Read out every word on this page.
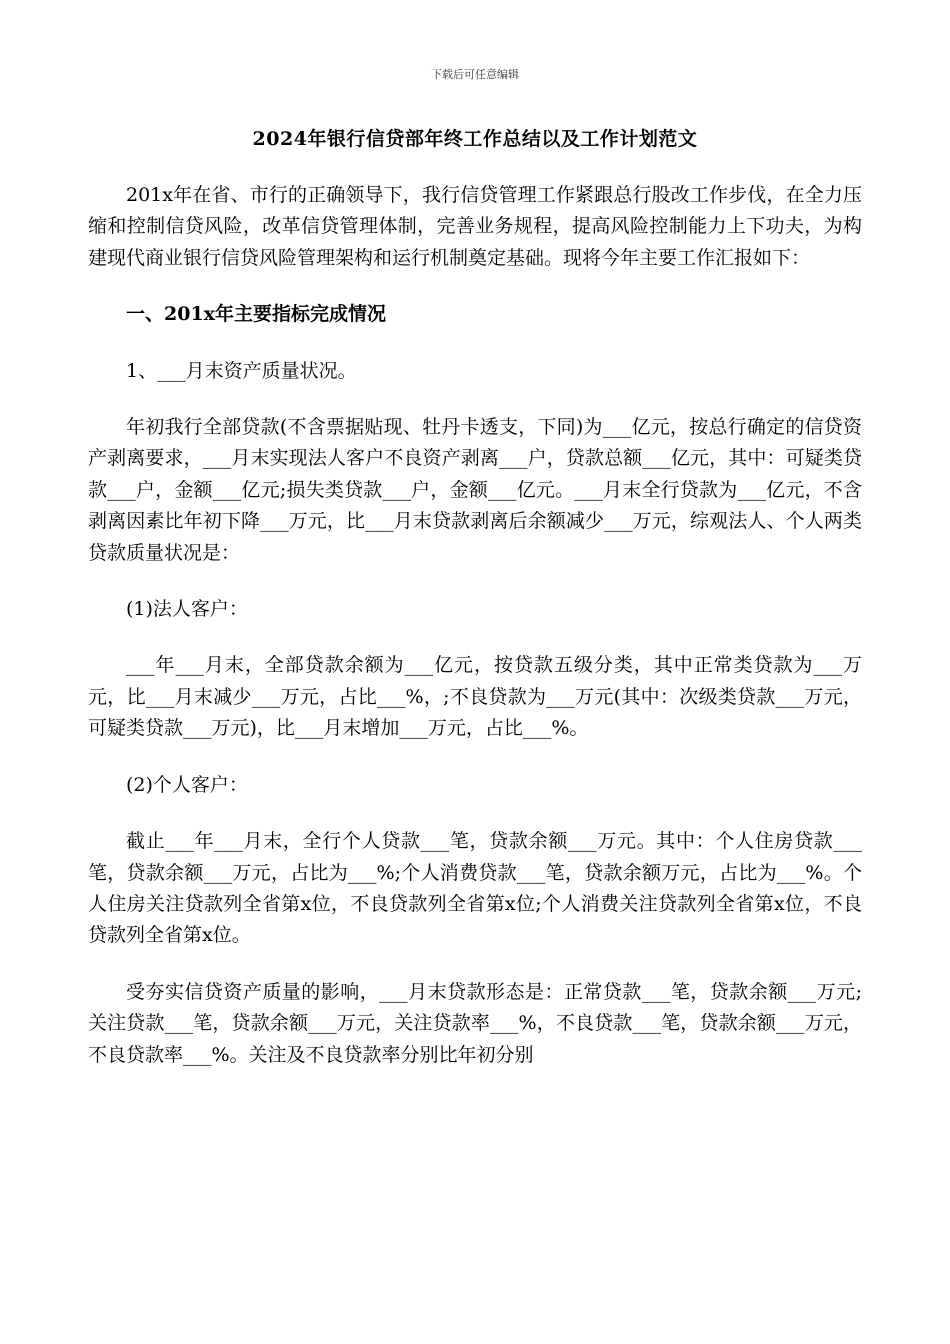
下载后可任意编辑
2024年银行信贷部年终工作总结以及工作计划范文

201x年在省、市行的正确领导下，我行信贷管理工作紧跟总行股改工作步伐，在全力压缩和控制信贷风险，改革信贷管理体制，完善业务规程，提高风险控制能力上下功夫，为构建现代商业银行信贷风险管理架构和运行机制奠定基础。现将今年主要工作汇报如下：

一、201x年主要指标完成情况

1、___月末资产质量状况。

年初我行全部贷款(不含票据贴现、牡丹卡透支，下同)为___亿元，按总行确定的信贷资产剥离要求，___月末实现法人客户不良资产剥离___户，贷款总额___亿元，其中：可疑类贷款___户，金额___亿元;损失类贷款___户，金额___亿元。___月末全行贷款为___亿元，不含剥离因素比年初下降___万元，比___月末贷款剥离后余额减少___万元，综观法人、个人两类贷款质量状况是：

(1)法人客户：

___年___月末，全部贷款余额为___亿元，按贷款五级分类，其中正常类贷款为___万元，比___月末减少___万元，占比___%，;不良贷款为___万元(其中：次级类贷款___万元，可疑类贷款___万元)，比___月末增加___万元，占比___%。

(2)个人客户：

截止___年___月末，全行个人贷款___笔，贷款余额___万元。其中：个人住房贷款___笔，贷款余额___万元，占比为___%;个人消费贷款___笔，贷款余额万元，占比为___%。个人住房关注贷款列全省第x位，不良贷款列全省第x位;个人消费关注贷款列全省第x位，不良贷款列全省第x位。

受夯实信贷资产质量的影响，___月末贷款形态是：正常贷款___笔，贷款余额___万元;关注贷款___笔，贷款余额___万元，关注贷款率___%，不良贷款___笔，贷款余额___万元，不良贷款率___%。关注及不良贷款率分别比年初分别
